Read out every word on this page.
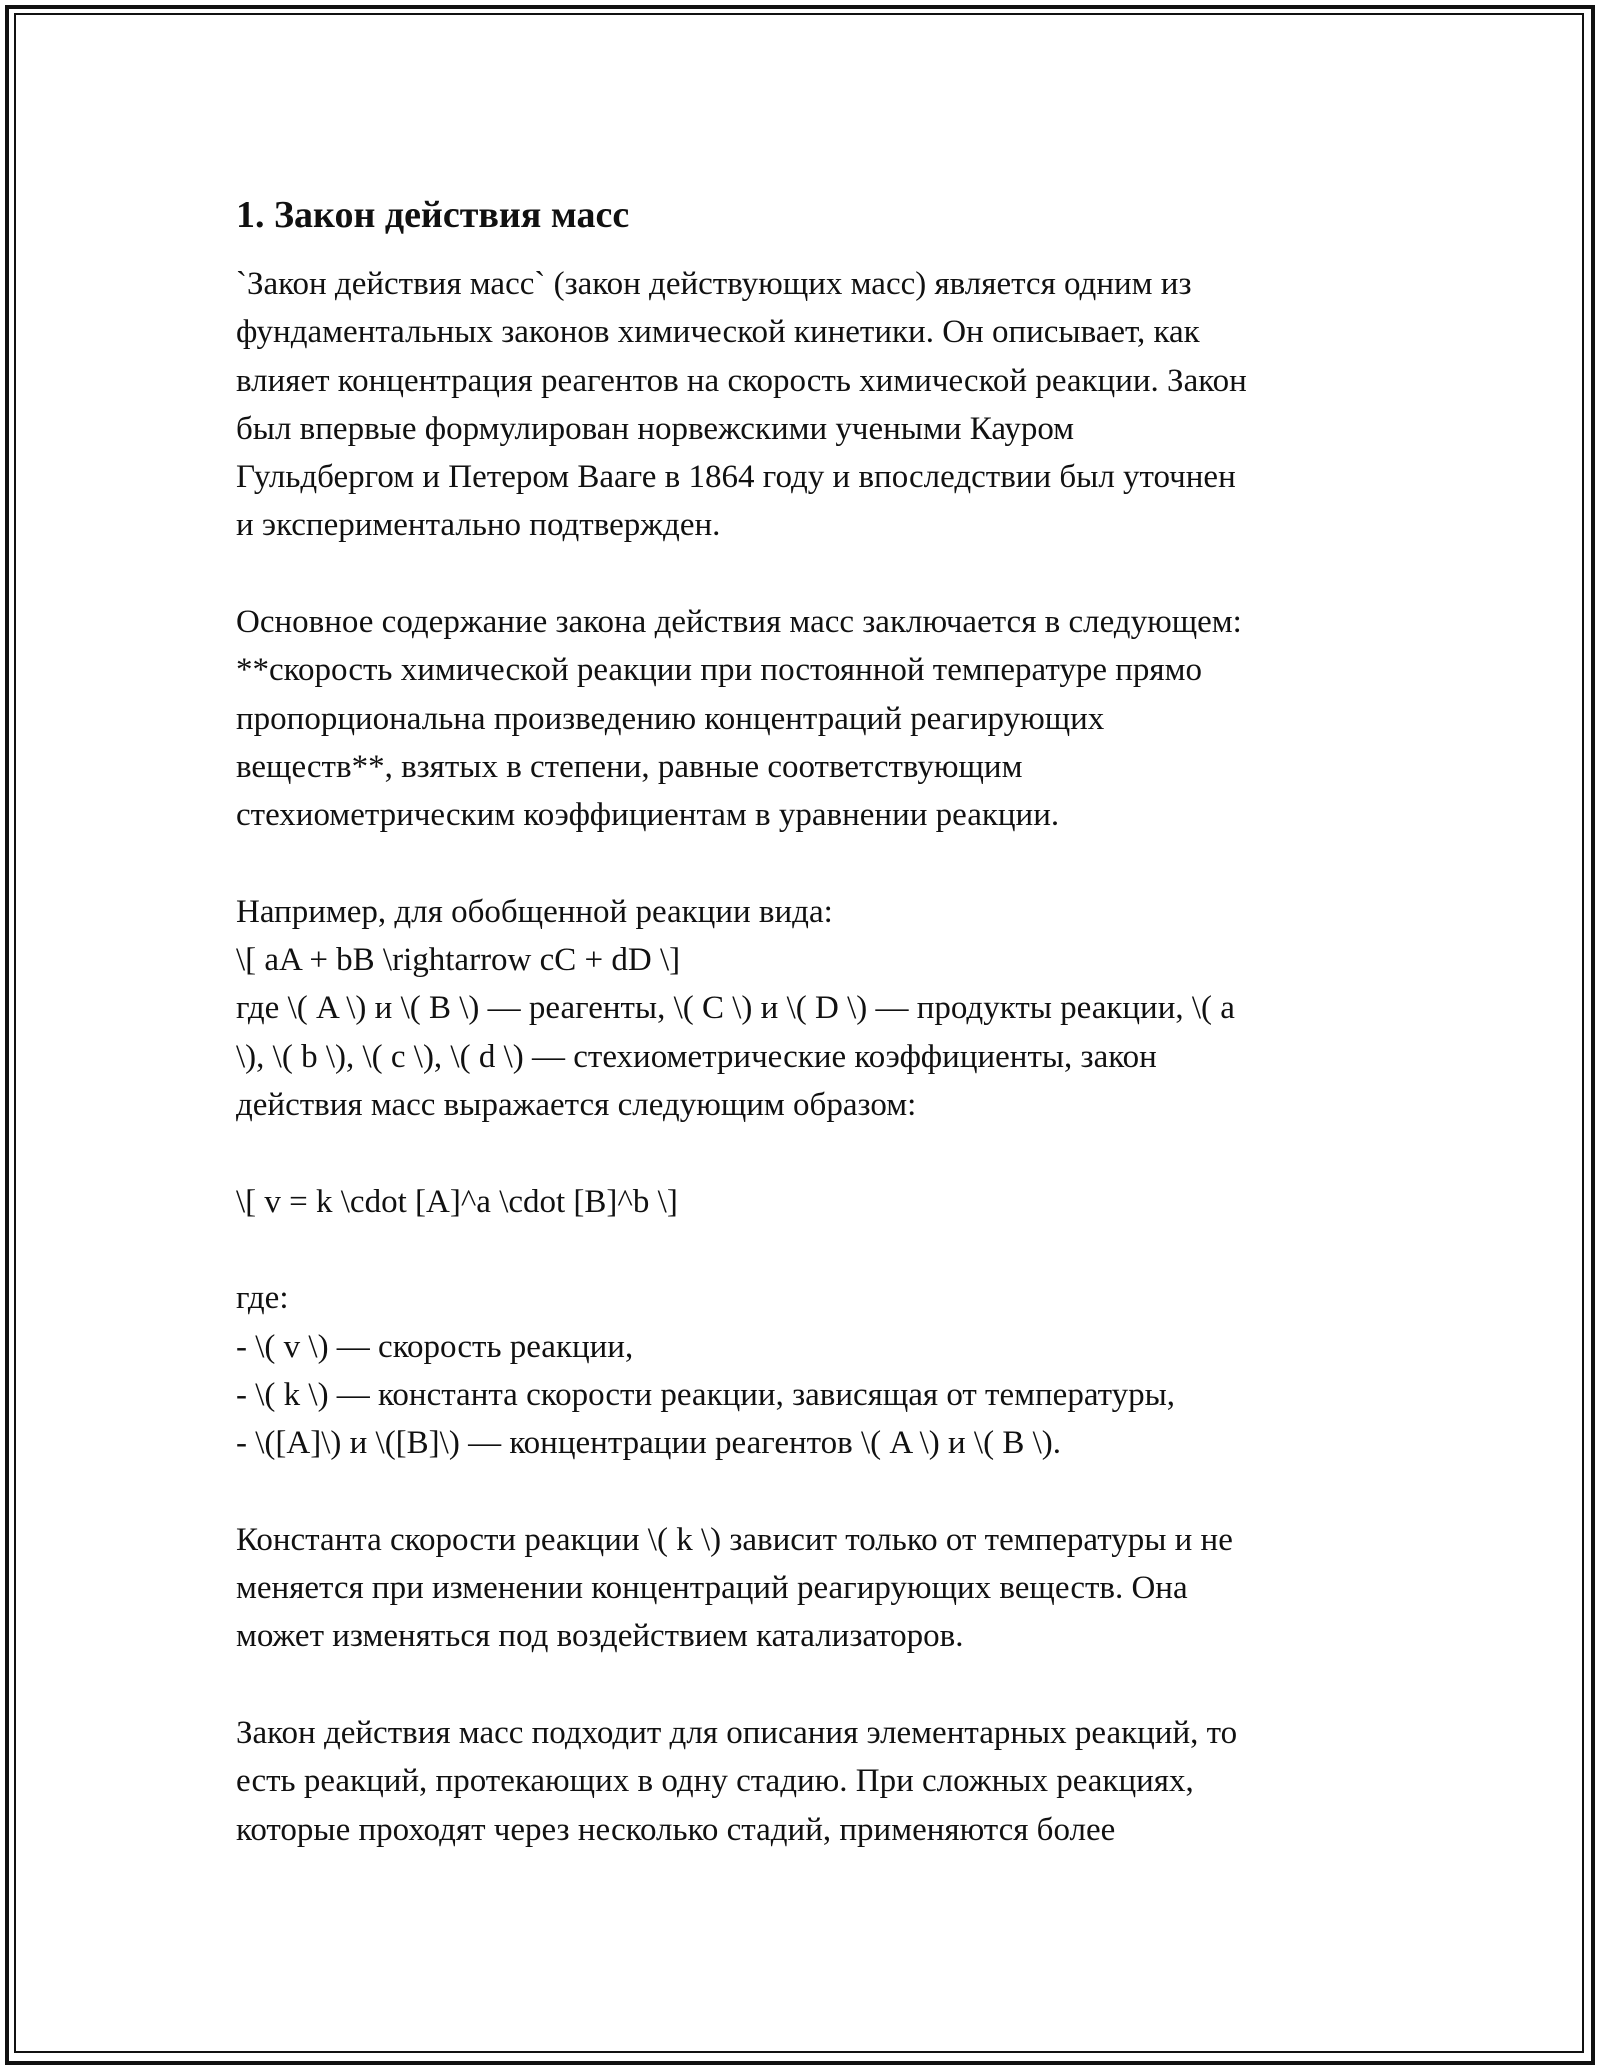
1. Закон действия масс
`Закон действия масс` (закон действующих масс) является одним из
фундаментальных законов химической кинетики. Он описывает, как
влияет концентрация реагентов на скорость химической реакции. Закон
был впервые формулирован норвежскими учеными Кауром
Гульдбергом и Петером Вааге в 1864 году и впоследствии был уточнен
и экспериментально подтвержден.
Основное содержание закона действия масс заключается в следующем:
**скорость химической реакции при постоянной температуре прямо
пропорциональна произведению концентраций реагирующих
веществ**, взятых в степени, равные соответствующим
стехиометрическим коэффициентам в уравнении реакции.
Например, для обобщенной реакции вида:
\[ aA + bB \rightarrow cC + dD \]
где \( A \) и \( B \) — реагенты, \( C \) и \( D \) — продукты реакции, \( a
\), \( b \), \( c \), \( d \) — стехиометрические коэффициенты, закон
действия масс выражается следующим образом:
\[ v = k \cdot [A]^a \cdot [B]^b \]
где:
- \( v \) — скорость реакции,
- \( k \) — константа скорости реакции, зависящая от температуры,
- \([A]\) и \([B]\) — концентрации реагентов \( A \) и \( B \).
Константа скорости реакции \( k \) зависит только от температуры и не
меняется при изменении концентраций реагирующих веществ. Она
может изменяться под воздействием катализаторов.
Закон действия масс подходит для описания элементарных реакций, то
есть реакций, протекающих в одну стадию. При сложных реакциях,
которые проходят через несколько стадий, применяются более
